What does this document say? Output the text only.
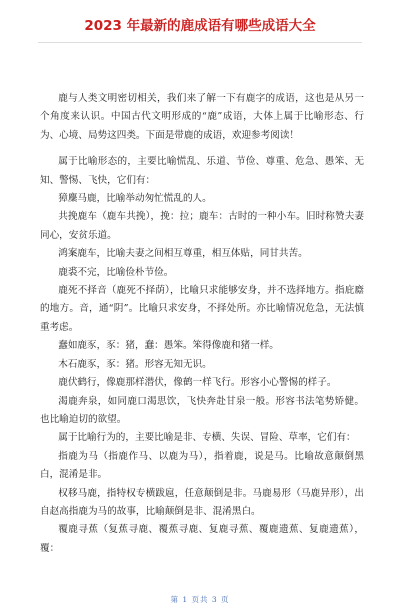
2023 年最新的鹿成语有哪些成语大全

鹿与人类文明密切相关，我们来了解一下有鹿字的成语，这也是从另一个角度来认识。中国古代文明形成的“鹿”成语，大体上属于比喻形态、行为、心境、局势这四类。下面是带鹿的成语，欢迎参考阅读！

属于比喻形态的，主要比喻慌乱、乐道、节俭、尊重、危急、愚笨、无知、警惕、飞快，它们有：

獐麇马鹿，比喻举动匆忙慌乱的人。

共挽鹿车（鹿车共挽），挽：拉；鹿车：古时的一种小车。旧时称赞夫妻同心，安贫乐道。

鸿案鹿车，比喻夫妻之间相互尊重，相互体贴，同甘共苦。

鹿裘不完，比喻俭朴节俭。

鹿死不择音（鹿死不择荫），比喻只求能够安身，并不选择地方。指庇廕的地方。音，通“阴”。比喻只求安身，不择处所。亦比喻情况危急，无法慎重考虑。

蠢如鹿豕，豕：猪，蠢：愚笨。笨得像鹿和猪一样。

木石鹿豕，豕：猪。形容无知无识。

鹿伏鹤行，像鹿那样潜伏，像鹤一样飞行。形容小心警惕的样子。

渴鹿奔泉，如同鹿口渴思饮，飞快奔赴甘泉一般。形容书法笔势矫健。也比喻迫切的欲望。

属于比喻行为的，主要比喻是非、专横、失误、冒险、草率，它们有：

指鹿为马（指鹿作马、以鹿为马），指着鹿，说是马。比喻故意颠倒黑白，混淆是非。

权移马鹿，指特权专横跋扈，任意颠倒是非。马鹿易形（马鹿异形），出自赵高指鹿为马的故事，比喻颠倒是非、混淆黑白。

覆鹿寻蕉（复蕉寻鹿、覆蕉寻鹿、复鹿寻蕉、覆鹿遗蕉、复鹿遗蕉），覆：

第 1 页共 3 页
